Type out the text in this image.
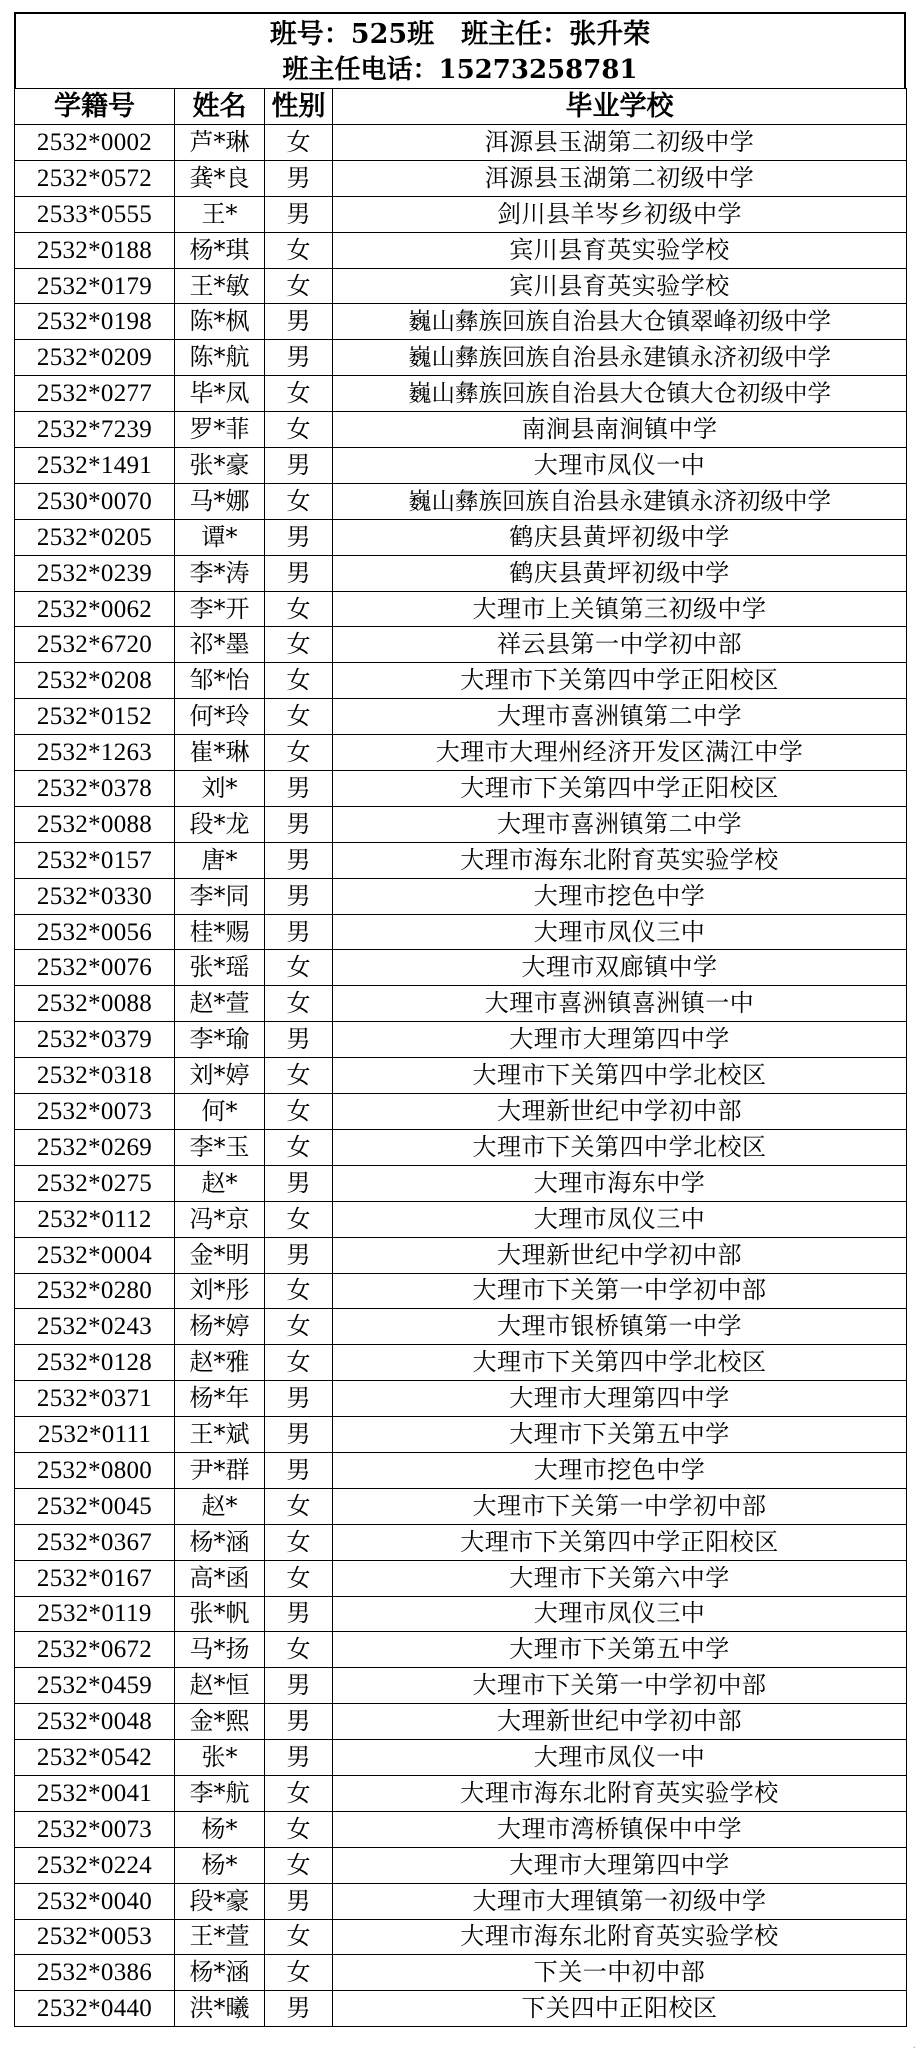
班号：525班　班主任：张升荣
班主任电话：15273258781
学籍号	姓名	性别	毕业学校
2532*0002	芦*琳	女	洱源县玉湖第二初级中学
2532*0572	龚*良	男	洱源县玉湖第二初级中学
2533*0555	王*	男	剑川县羊岑乡初级中学
2532*0188	杨*琪	女	宾川县育英实验学校
2532*0179	王*敏	女	宾川县育英实验学校
2532*0198	陈*枫	男	巍山彝族回族自治县大仓镇翠峰初级中学
2532*0209	陈*航	男	巍山彝族回族自治县永建镇永济初级中学
2532*0277	毕*凤	女	巍山彝族回族自治县大仓镇大仓初级中学
2532*7239	罗*菲	女	南涧县南涧镇中学
2532*1491	张*豪	男	大理市凤仪一中
2530*0070	马*娜	女	巍山彝族回族自治县永建镇永济初级中学
2532*0205	谭*	男	鹤庆县黄坪初级中学
2532*0239	李*涛	男	鹤庆县黄坪初级中学
2532*0062	李*开	女	大理市上关镇第三初级中学
2532*6720	祁*墨	女	祥云县第一中学初中部
2532*0208	邹*怡	女	大理市下关第四中学正阳校区
2532*0152	何*玲	女	大理市喜洲镇第二中学
2532*1263	崔*琳	女	大理市大理州经济开发区满江中学
2532*0378	刘*	男	大理市下关第四中学正阳校区
2532*0088	段*龙	男	大理市喜洲镇第二中学
2532*0157	唐*	男	大理市海东北附育英实验学校
2532*0330	李*同	男	大理市挖色中学
2532*0056	桂*赐	男	大理市凤仪三中
2532*0076	张*瑶	女	大理市双廊镇中学
2532*0088	赵*萱	女	大理市喜洲镇喜洲镇一中
2532*0379	李*瑜	男	大理市大理第四中学
2532*0318	刘*婷	女	大理市下关第四中学北校区
2532*0073	何*	女	大理新世纪中学初中部
2532*0269	李*玉	女	大理市下关第四中学北校区
2532*0275	赵*	男	大理市海东中学
2532*0112	冯*京	女	大理市凤仪三中
2532*0004	金*明	男	大理新世纪中学初中部
2532*0280	刘*彤	女	大理市下关第一中学初中部
2532*0243	杨*婷	女	大理市银桥镇第一中学
2532*0128	赵*雅	女	大理市下关第四中学北校区
2532*0371	杨*年	男	大理市大理第四中学
2532*0111	王*斌	男	大理市下关第五中学
2532*0800	尹*群	男	大理市挖色中学
2532*0045	赵*	女	大理市下关第一中学初中部
2532*0367	杨*涵	女	大理市下关第四中学正阳校区
2532*0167	高*函	女	大理市下关第六中学
2532*0119	张*帆	男	大理市凤仪三中
2532*0672	马*扬	女	大理市下关第五中学
2532*0459	赵*恒	男	大理市下关第一中学初中部
2532*0048	金*熙	男	大理新世纪中学初中部
2532*0542	张*	男	大理市凤仪一中
2532*0041	李*航	女	大理市海东北附育英实验学校
2532*0073	杨*	女	大理市湾桥镇保中中学
2532*0224	杨*	女	大理市大理第四中学
2532*0040	段*豪	男	大理市大理镇第一初级中学
2532*0053	王*萱	女	大理市海东北附育英实验学校
2532*0386	杨*涵	女	下关一中初中部
2532*0440	洪*曦	男	下关四中正阳校区
·
